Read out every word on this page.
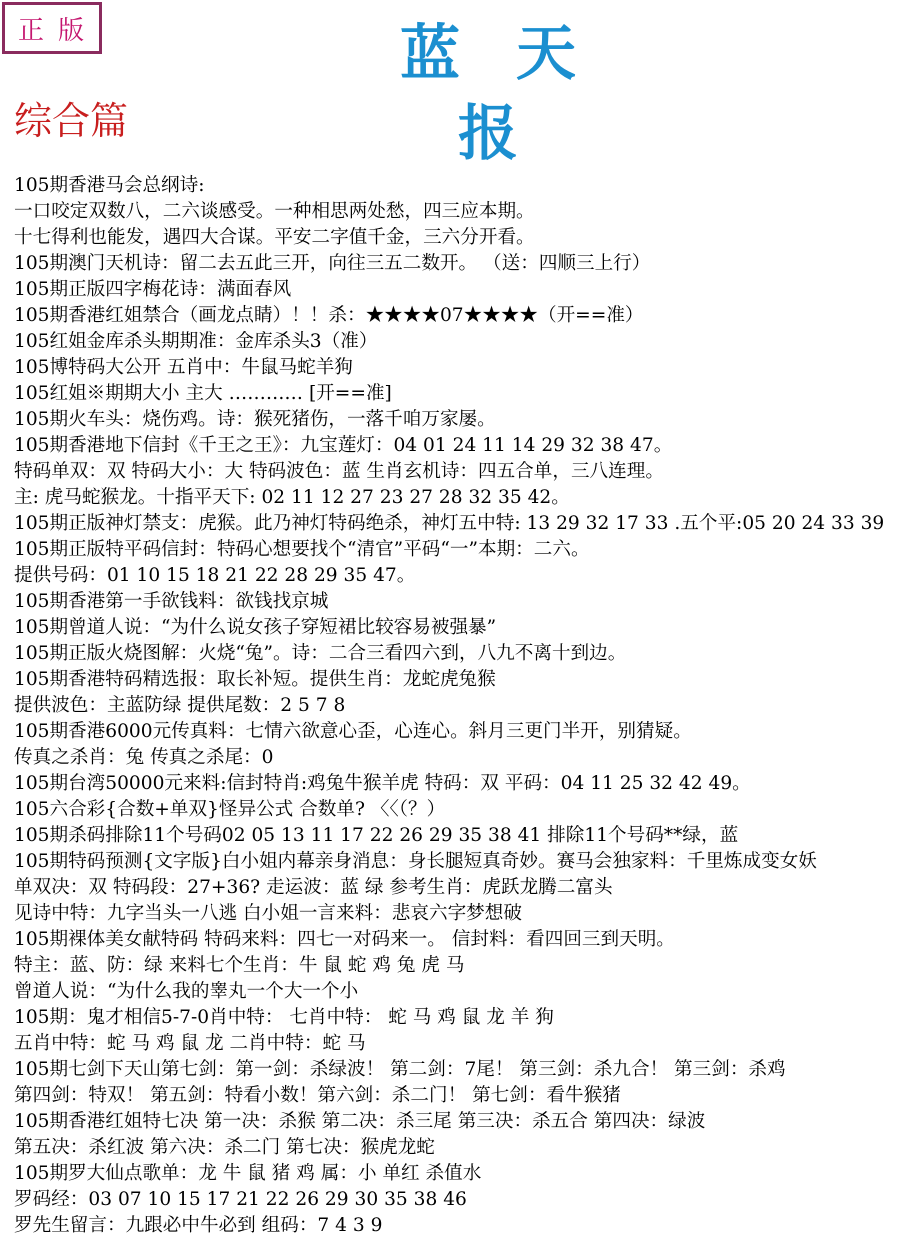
正版	蓝天报
综合篇
105期香港马会总纲诗:
一口咬定双数八，二六谈感受。一种相思两处愁，四三应本期。
十七得利也能发，遇四大合谋。平安二字值千金，三六分开看。
105期澳门天机诗：留二去五此三开，向往三五二数开。 （送：四顺三上行）
105期正版四字梅花诗：满面春风
105期香港红姐禁合（画龙点睛）！！杀：★★★★07★★★★（开==准）
105红姐金库杀头期期准：金库杀头3（准）
105博特码大公开 五肖中：牛鼠马蛇羊狗
105红姐※期期大小 主大 ………… [开==准]
105期火车头：烧伤鸡。诗：猴死猪伤，一落千咱万家屡。
105期香港地下信封《千王之王》：九宝莲灯：04 01 24 11 14 29 32 38 47。
特码单双：双 特码大小：大 特码波色：蓝 生肖玄机诗：四五合单，三八连理。
主: 虎马蛇猴龙。十指平天下: 02 11 12 27 23 27 28 32 35 42。
105期正版神灯禁支：虎猴。此乃神灯特码绝杀，神灯五中特: 13 29 32 17 33 .五个平:05 20 24 33 39
105期正版特平码信封：特码心想要找个“清官”平码“一”本期：二六。
提供号码：01 10 15 18 21 22 28 29 35 47。
105期香港第一手欲钱料：欲钱找京城
105期曾道人说：“为什么说女孩子穿短裙比较容易被强暴”
105期正版火烧图解：火烧“兔”。诗：二合三看四六到，八九不离十到边。
105期香港特码精选报：取长补短。提供生肖：龙蛇虎兔猴
提供波色：主蓝防绿 提供尾数：2 5 7 8
105期香港6000元传真料：七情六欲意心歪，心连心。斜月三更门半开，别猜疑。
传真之杀肖：兔 传真之杀尾：0
105期台湾50000元来料:信封特肖:鸡兔牛猴羊虎 特码：双 平码：04 11 25 32 42 49。
105六合彩{合数+单双}怪异公式 合数单? 〈〈（？）
105期杀码排除11个号码02 05 13 11 17 22 26 29 35 38 41 排除11个号码**绿，蓝
105期特码预测{文字版}白小姐内幕亲身消息：身长腿短真奇妙。赛马会独家料：千里炼成变女妖
单双决：双 特码段：27+36? 走运波：蓝 绿 参考生肖：虎跃龙腾二富头
见诗中特：九字当头一八逃 白小姐一言来料：悲哀六字梦想破
105期裸体美女献特码 特码来料：四七一对码来一。 信封料：看四回三到天明。
特主：蓝、防：绿 来料七个生肖：牛 鼠 蛇 鸡 兔 虎 马
曾道人说：“为什么我的睾丸一个大一个小
105期：鬼才相信5-7-0肖中特： 七肖中特： 蛇 马 鸡 鼠 龙 羊 狗
五肖中特：蛇 马 鸡 鼠 龙 二肖中特：蛇 马
105期七剑下天山第七剑：第一剑：杀绿波！ 第二剑：7尾！ 第三剑：杀九合！ 第三剑：杀鸡
第四剑：特双！ 第五剑：特看小数！第六剑：杀二门！ 第七剑：看牛猴猪
105期香港红姐特七决 第一决：杀猴 第二决：杀三尾 第三决：杀五合 第四决：绿波
第五决：杀红波 第六决：杀二门 第七决：猴虎龙蛇
105期罗大仙点歌单：龙 牛 鼠 猪 鸡 属：小 单红 杀值水
罗码经：03 07 10 15 17 21 22 26 29 30 35 38 46
罗先生留言：九跟必中牛必到 组码：7 4 3 9
